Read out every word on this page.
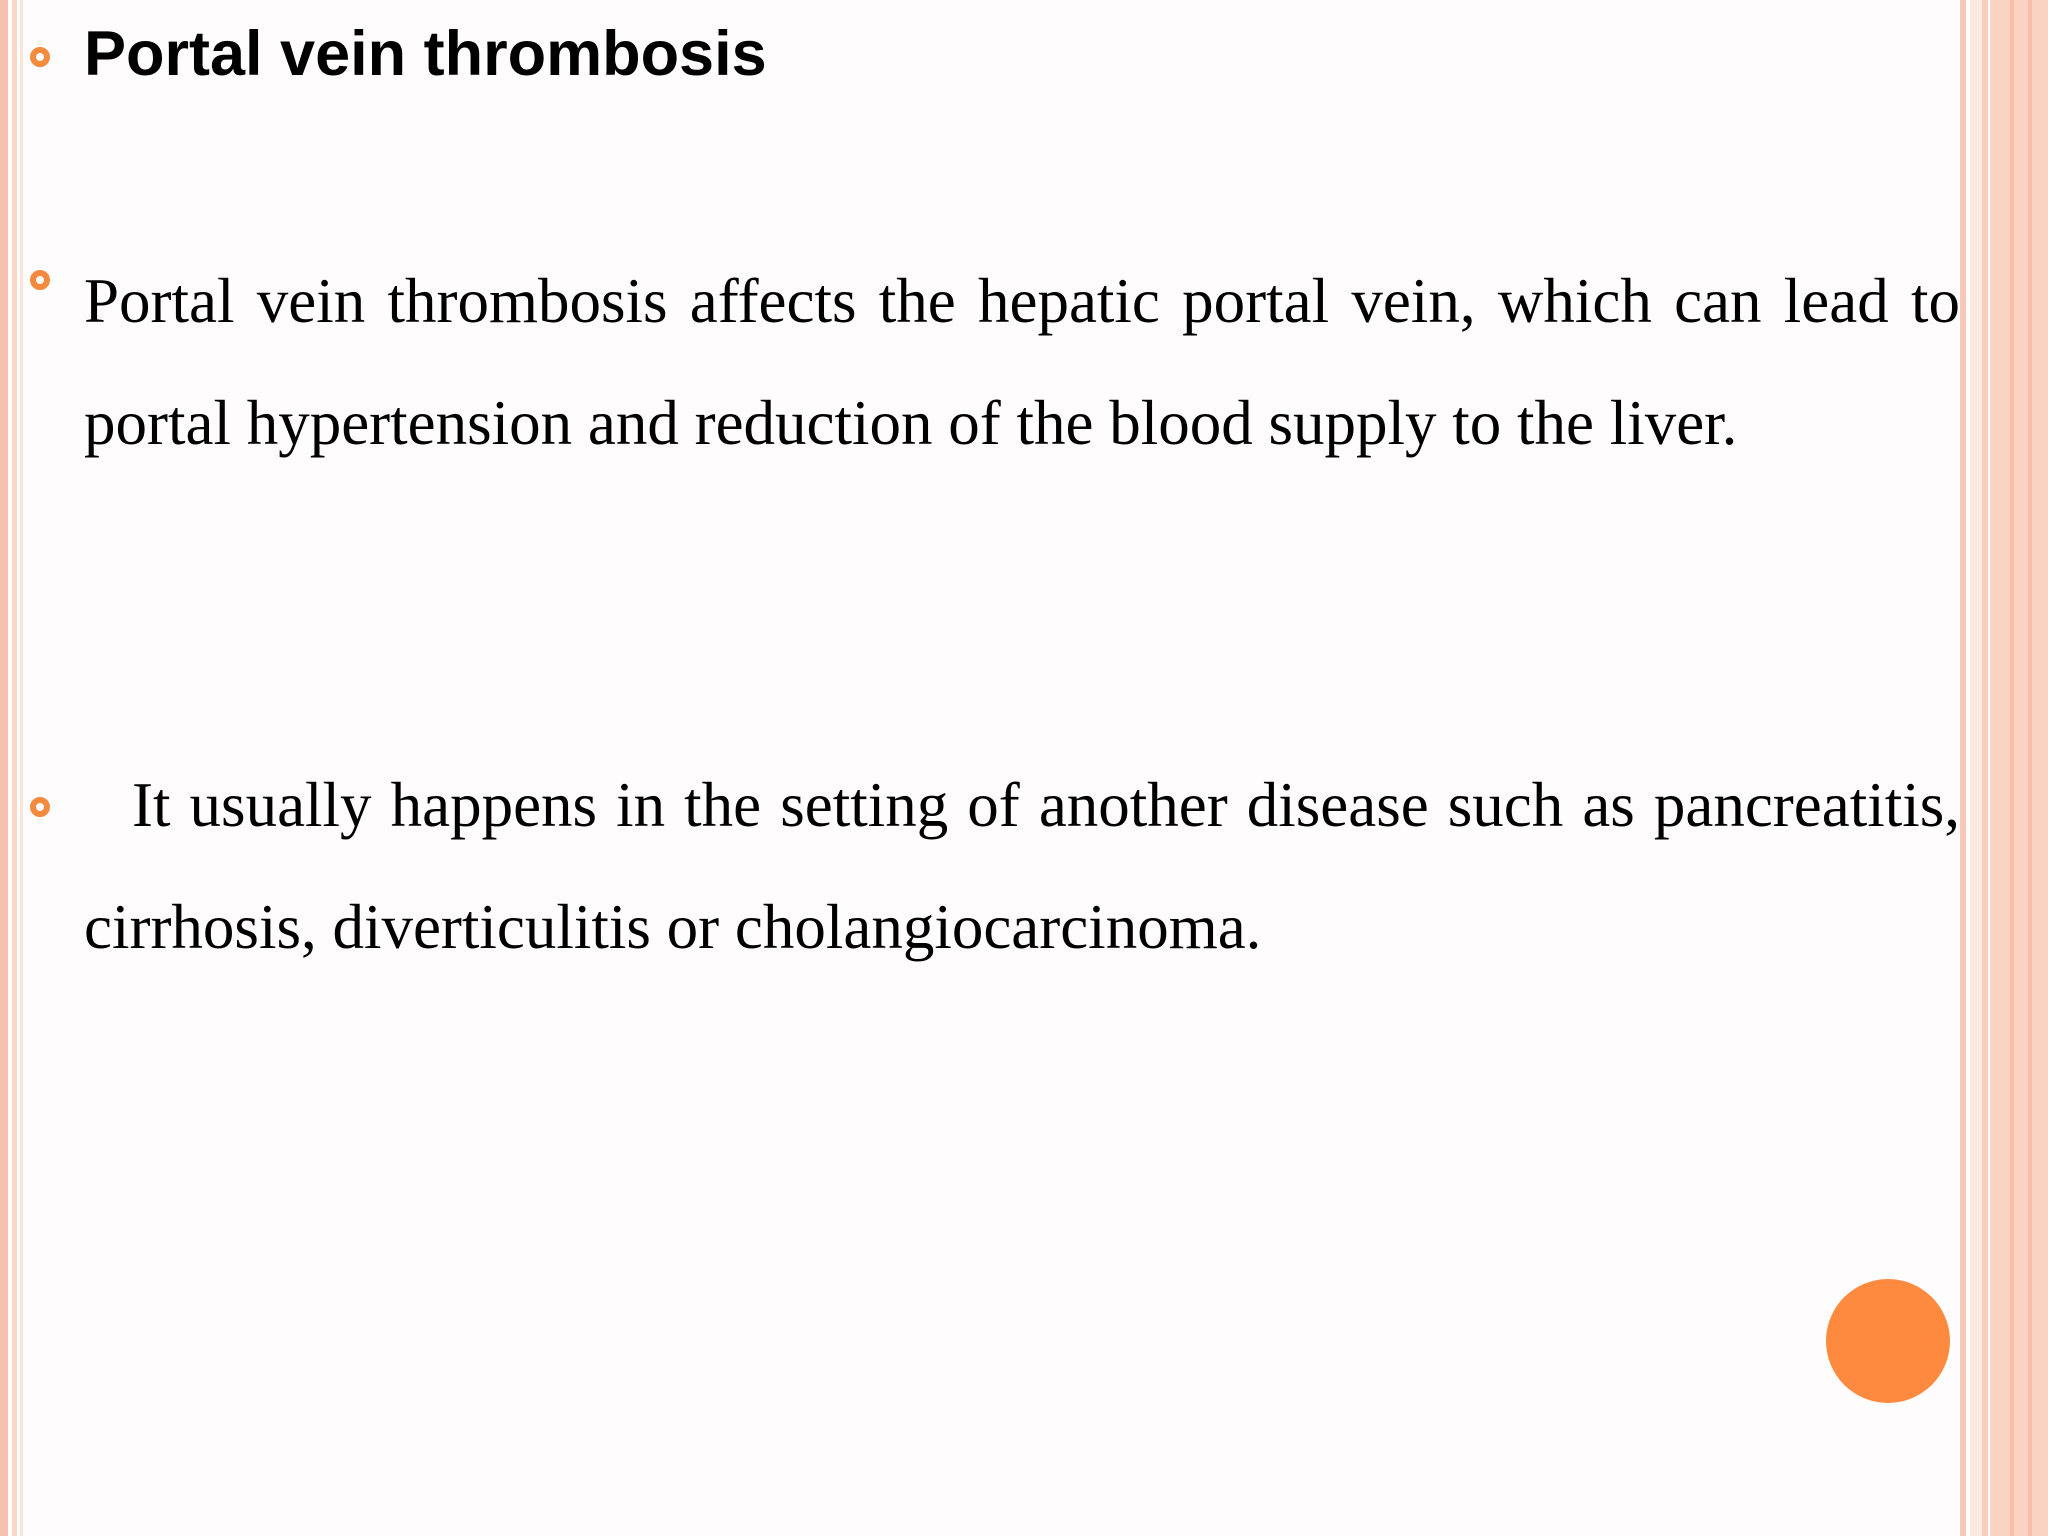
Portal vein thrombosis

Portal vein thrombosis affects the hepatic portal vein, which can lead to portal hypertension and reduction of the blood supply to the liver.

It usually happens in the setting of another disease such as pancreatitis, cirrhosis, diverticulitis or cholangiocarcinoma.
